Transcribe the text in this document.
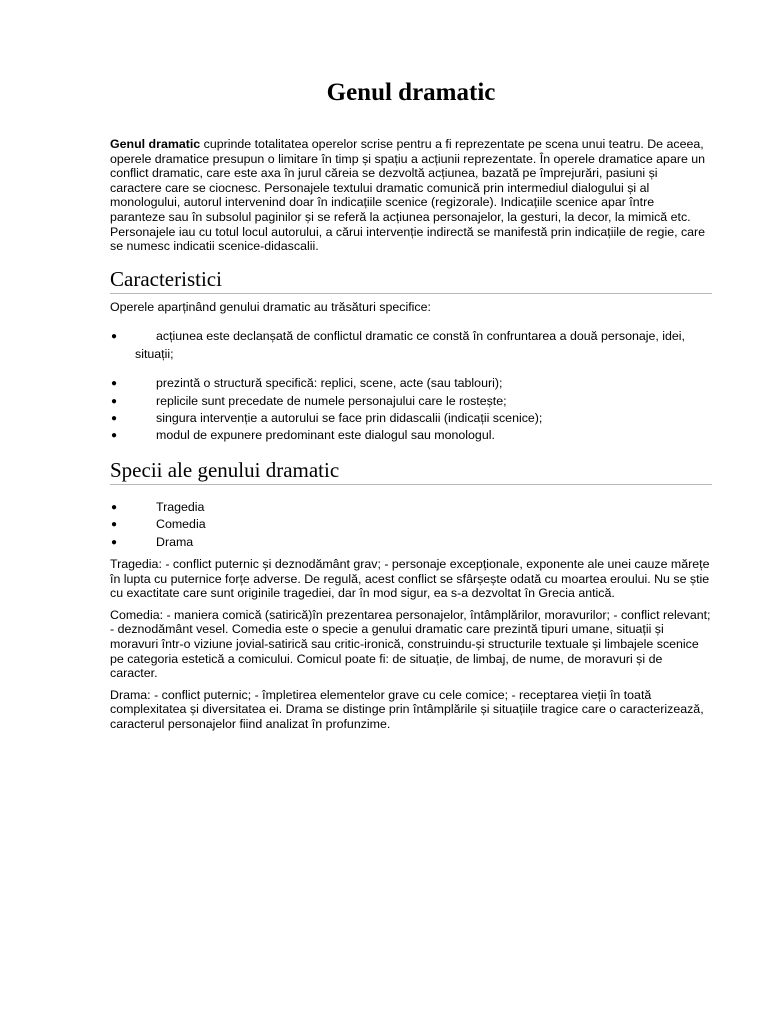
Genul dramatic

Genul dramatic cuprinde totalitatea operelor scrise pentru a fi reprezentate pe scena unui teatru. De aceea, operele dramatice presupun o limitare în timp și spațiu a acțiunii reprezentate. În operele dramatice apare un conflict dramatic, care este axa în jurul căreia se dezvoltă acțiunea, bazată pe împrejurări, pasiuni și caractere care se ciocnesc. Personajele textului dramatic comunică prin intermediul dialogului și al monologului, autorul intervenind doar în indicațiile scenice (regizorale). Indicațiile scenice apar între paranteze sau în subsolul paginilor și se referă la acțiunea personajelor, la gesturi, la decor, la mimică etc. Personajele iau cu totul locul autorului, a cărui intervenție indirectă se manifestă prin indicațiile de regie, care se numesc indicatii scenice-didascalii.

Caracteristici

Operele aparținând genului dramatic au trăsături specifice:

●	acțiunea este declanșată de conflictul dramatic ce constă în confruntarea a două personaje, idei, situații;
●	prezintă o structură specifică: replici, scene, acte (sau tablouri);
●	replicile sunt precedate de numele personajului care le rostește;
●	singura intervenție a autorului se face prin didascalii (indicații scenice);
●	modul de expunere predominant este dialogul sau monologul.
Specii ale genului dramatic
●	Tragedia
●	Comedia
●	Drama

Tragedia: - conflict puternic și deznodământ grav; - personaje excepționale, exponente ale unei cauze mărețe în lupta cu puternice forțe adverse. De regulă, acest conflict se sfârșește odată cu moartea eroului. Nu se știe cu exactitate care sunt originile tragediei, dar în mod sigur, ea s-a dezvoltat în Grecia antică.

Comedia: - maniera comică (satirică)în prezentarea personajelor, întâmplărilor, moravurilor; - conflict relevant; - deznodământ vesel. Comedia este o specie a genului dramatic care prezintă tipuri umane, situații și moravuri într-o viziune jovial-satirică sau critic-ironică, construindu-și structurile textuale și limbajele scenice pe categoria estetică a comicului. Comicul poate fi: de situație, de limbaj, de nume, de moravuri și de caracter.

Drama: - conflict puternic; - împletirea elementelor grave cu cele comice; - receptarea vieții în toată complexitatea și diversitatea ei. Drama se distinge prin întâmplările și situațiile tragice care o caracterizează, caracterul personajelor fiind analizat în profunzime.
